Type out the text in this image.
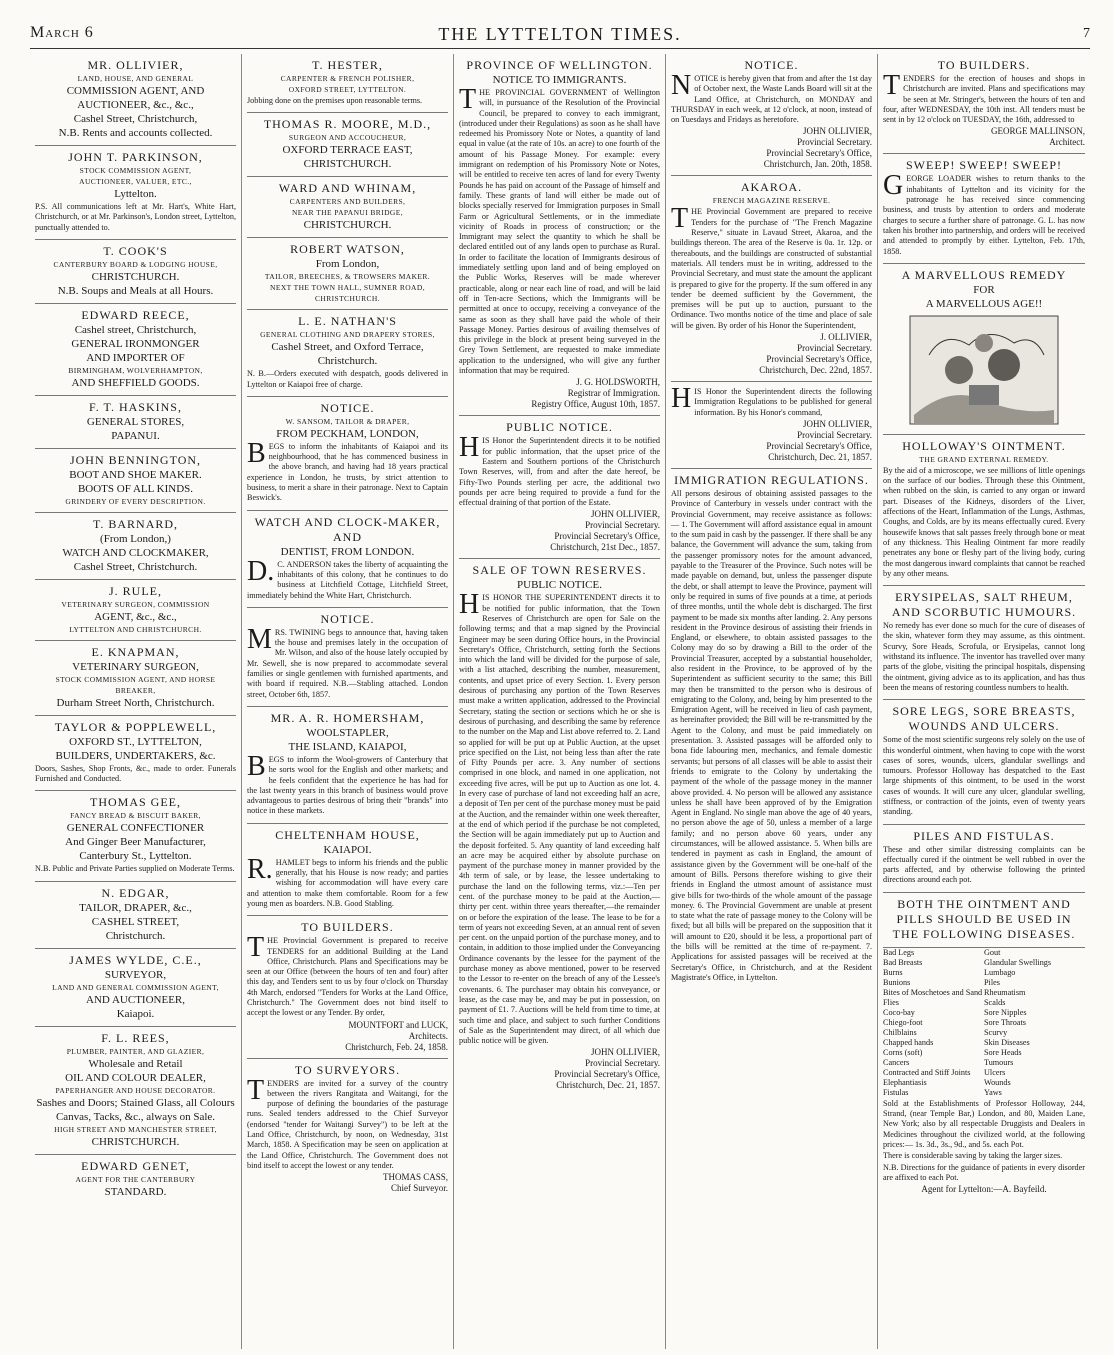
March 6	THE LYTTELTON TIMES.	7
MR. OLLIVIER,
LAND, HOUSE, AND GENERAL
COMMISSION AGENT, AND AUCTIONEER, &c., &c.,
Cashel Street, Christchurch,
N.B. Rents and accounts collected.
JOHN T. PARKINSON,
STOCK COMMISSION AGENT,
AUCTIONEER, VALUER, ETC.,
Lyttelton.
P.S. All communications left at Mr. Hart's, White Hart, Christchurch, or at Mr. Parkinson's, London street, Lyttelton, punctually attended to.
T. COOK'S
CANTERBURY BOARD & LODGING HOUSE,
CHRISTCHURCH.
N.B. Soups and Meals at all Hours.
EDWARD REECE,
Cashel street, Christchurch,
GENERAL IRONMONGER
AND IMPORTER OF
BIRMINGHAM, WOLVERHAMPTON,
AND SHEFFIELD GOODS.
F. T. HASKINS,
GENERAL STORES,
PAPANUI.
JOHN BENNINGTON,
BOOT AND SHOE MAKER.
BOOTS OF ALL KINDS.
GRINDERY OF EVERY DESCRIPTION.
T. BARNARD,
(From London,)
WATCH AND CLOCKMAKER,
Cashel Street, Christchurch.
J. RULE,
VETERINARY SURGEON, COMMISSION
AGENT, &c., &c.,
LYTTELTON AND CHRISTCHURCH.
E. KNAPMAN,
VETERINARY SURGEON,
STOCK COMMISSION AGENT, AND HORSE BREAKER,
Durham Street North, Christchurch.
TAYLOR & POPPLEWELL,
OXFORD ST., LYTTELTON,
BUILDERS, UNDERTAKERS, &c.
Doors, Sashes, Shop Fronts, &c., made to order. Funerals Furnished and Conducted.
THOMAS GEE,
FANCY BREAD & BISCUIT BAKER,
GENERAL CONFECTIONER
And Ginger Beer Manufacturer,
Canterbury St., Lyttelton.
N.B. Public and Private Parties supplied on Moderate Terms.
N. EDGAR,
TAILOR, DRAPER, &c.,
CASHEL STREET,
Christchurch.
JAMES WYLDE, C.E.,
SURVEYOR,
LAND AND GENERAL COMMISSION AGENT,
AND AUCTIONEER,
Kaiapoi.
F. L. REES,
PLUMBER, PAINTER, AND GLAZIER,
Wholesale and Retail
OIL AND COLOUR DEALER,
PAPERHANGER AND HOUSE DECORATOR.
Sashes and Doors; Stained Glass, all Colours
Canvas, Tacks, &c., always on Sale.
HIGH STREET AND MANCHESTER STREET,
CHRISTCHURCH.
EDWARD GENET,
AGENT FOR THE CANTERBURY
STANDARD.
T. HESTER,
CARPENTER & FRENCH POLISHER,
OXFORD STREET, LYTTELTON.
Jobbing done on the premises upon reasonable terms.
THOMAS R. MOORE, M.D.,
SURGEON AND ACCOUCHEUR,
OXFORD TERRACE EAST,
CHRISTCHURCH.
WARD AND WHINAM,
CARPENTERS AND BUILDERS,
NEAR THE PAPANUI BRIDGE,
CHRISTCHURCH.
ROBERT WATSON,
From London,
TAILOR, BREECHES, & TROWSERS MAKER.
NEXT THE TOWN HALL, SUMNER ROAD, CHRISTCHURCH.
L. E. NATHAN'S
GENERAL CLOTHING AND DRAPERY STORES,
Cashel Street, and Oxford Terrace, Christchurch.
N. B.—Orders executed with despatch, goods delivered in Lyttelton or Kaiapoi free of charge.
NOTICE.
W. SANSOM, TAILOR & DRAPER,
FROM PECKHAM, LONDON,
BEGS to inform the inhabitants of Kaiapoi and its neighbourhood, that he has commenced business in the above branch, and having had 18 years practical experience in London, he trusts, by strict attention to business, to merit a share in their patronage. Next to Captain Beswick's.
WATCH AND CLOCK-MAKER, AND
DENTIST, FROM LONDON.
D. C. ANDERSON takes the liberty of acquainting the inhabitants of this colony, that he continues to do business at Litchfield Cottage, Litchfield Street, immediately behind the White Hart, Christchurch.
NOTICE.
MRS. TWINING begs to announce that, having taken the house and premises lately in the occupation of Mr. Wilson, and also of the house lately occupied by Mr. Sewell, she is now prepared to accommodate several families or single gentlemen with furnished apartments, and with board if required. N.B.—Stabling attached. London street, October 6th, 1857.
MR. A. R. HOMERSHAM,
WOOLSTAPLER,
THE ISLAND, KAIAPOI,
BEGS to inform the Wool-growers of Canterbury that he sorts wool for the English and other markets; and he feels confident that the experience he has had for the last twenty years in this branch of business would prove advantageous to parties desirous of bring their "brands" into notice in these markets.
CHELTENHAM HOUSE,
KAIAPOI.
R. HAMLET begs to inform his friends and the public generally, that his House is now ready; and parties wishing for accommodation will have every care and attention to make them comfortable. Room for a few young men as boarders. N.B. Good Stabling.
TO BUILDERS.
THE Provincial Government is prepared to receive TENDERS for an additional Building at the Land Office, Christchurch. Plans and Specifications may be seen at our Office (between the hours of ten and four) after this day, and Tenders sent to us by four o'clock on Thursday 4th March, endorsed "Tenders for Works at the Land Office, Christchurch." The Government does not bind itself to accept the lowest or any Tender. By order,
MOUNTFORT and LUCK,
Architects.
Christchurch, Feb. 24, 1858.
TO SURVEYORS.
TENDERS are invited for a survey of the country between the rivers Rangitata and Waitangi, for the purpose of defining the boundaries of the pasturage runs. Sealed tenders addressed to the Chief Surveyor (endorsed "tender for Waitangi Survey") to be left at the Land Office, Christchurch, by noon, on Wednesday, 31st March, 1858. A Specification may be seen on application at the Land Office, Christchurch. The Government does not bind itself to accept the lowest or any tender.
THOMAS CASS,
Chief Surveyor.
PROVINCE OF WELLINGTON.
NOTICE TO IMMIGRANTS.
THE PROVINCIAL GOVERNMENT of Wellington will, in pursuance of the Resolution of the Provincial Council, be prepared to convey to each immigrant, (introduced under their Regulations) as soon as he shall have redeemed his Promissory Note or Notes, a quantity of land equal in value (at the rate of 10s. an acre) to one fourth of the amount of his Passage Money. For example: every immigrant on redemption of his Promissory Note or Notes, will be entitled to receive ten acres of land for every Twenty Pounds he has paid on account of the Passage of himself and family. These grants of land will either be made out of blocks specially reserved for Immigration purposes in Small Farm or Agricultural Settlements, or in the immediate vicinity of Roads in process of construction; or the Immigrant may select the quantity to which he shall be declared entitled out of any lands open to purchase as Rural. In order to facilitate the location of Immigrants desirous of immediately settling upon land and of being employed on the Public Works, Reserves will be made wherever practicable, along or near each line of road, and will be laid off in Ten-acre Sections, which the Immigrants will be permitted at once to occupy, receiving a conveyance of the same as soon as they shall have paid the whole of their Passage Money. Parties desirous of availing themselves of this privilege in the block at present being surveyed in the Grey Town Settlement, are requested to make immediate application to the undersigned, who will give any further information that may be required.
J. G. HOLDSWORTH,
Registrar of Immigration.
Registry Office, August 10th, 1857.
PUBLIC NOTICE.
HIS Honor the Superintendent directs it to be notified for public information, that the upset price of the Eastern and Southern portions of the Christchurch Town Reserves, will, from and after the date hereof, be Fifty-Two Pounds sterling per acre, the additional two pounds per acre being required to provide a fund for the effectual draining of that portion of the Estate.
JOHN OLLIVIER,
Provincial Secretary.
Provincial Secretary's Office,
Christchurch, 21st Dec., 1857.
SALE OF TOWN RESERVES.
PUBLIC NOTICE.
HIS HONOR THE SUPERINTENDENT directs it to be notified for public information, that the Town Reserves of Christchurch are open for Sale on the following terms; and that a map signed by the Provincial Engineer may be seen during Office hours, in the Provincial Secretary's Office, Christchurch, setting forth the Sections into which the land will be divided for the purpose of sale, with a list attached, describing the number, measurement, contents, and upset price of every Section. 1. Every person desirous of purchasing any portion of the Town Reserves must make a written application, addressed to the Provincial Secretary, stating the section or sections which he or she is desirous of purchasing, and describing the same by reference to the number on the Map and List above referred to. 2. Land so applied for will be put up at Public Auction, at the upset price specified on the List, not being less than after the rate of Fifty Pounds per acre. 3. Any number of sections comprised in one block, and named in one application, not exceeding five acres, will be put up to Auction as one lot. 4. In every case of purchase of land not exceeding half an acre, a deposit of Ten per cent of the purchase money must be paid at the Auction, and the remainder within one week thereafter, at the end of which period if the purchase be not completed, the Section will be again immediately put up to Auction and the deposit forfeited. 5. Any quantity of land exceeding half an acre may be acquired either by absolute purchase on payment of the purchase money in manner provided by the 4th term of sale, or by lease, the lessee undertaking to purchase the land on the following terms, viz.:—Ten per cent. of the purchase money to be paid at the Auction,—thirty per cent. within three years thereafter,—the remainder on or before the expiration of the lease. The lease to be for a term of years not exceeding Seven, at an annual rent of seven per cent. on the unpaid portion of the purchase money, and to contain, in addition to those implied under the Conveyancing Ordinance covenants by the lessee for the payment of the purchase money as above mentioned, power to be reserved to the Lessor to re-enter on the breach of any of the Lessee's covenants. 6. The purchaser may obtain his conveyance, or lease, as the case may be, and may be put in possession, on payment of £1. 7. Auctions will be held from time to time, at such time and place, and subject to such further Conditions of Sale as the Superintendent may direct, of all which due public notice will be given.
JOHN OLLIVIER,
Provincial Secretary.
Provincial Secretary's Office,
Christchurch, Dec. 21, 1857.
NOTICE.
NOTICE is hereby given that from and after the 1st day of October next, the Waste Lands Board will sit at the Land Office, at Christchurch, on MONDAY and THURSDAY in each week, at 12 o'clock, at noon, instead of on Tuesdays and Fridays as heretofore.
JOHN OLLIVIER,
Provincial Secretary.
Provincial Secretary's Office,
Christchurch, Jan. 20th, 1858.
AKAROA.
FRENCH MAGAZINE RESERVE.
THE Provincial Government are prepared to receive Tenders for the purchase of "The French Magazine Reserve," situate in Lavaud Street, Akaroa, and the buildings thereon. The area of the Reserve is 0a. 1r. 12p. or thereabouts, and the buildings are constructed of substantial materials. All tenders must be in writing, addressed to the Provincial Secretary, and must state the amount the applicant is prepared to give for the property. If the sum offered in any tender be deemed sufficient by the Government, the premises will be put up to auction, pursuant to the Ordinance. Two months notice of the time and place of sale will be given. By order of his Honor the Superintendent,
J. OLLIVIER,
Provincial Secretary.
Provincial Secretary's Office,
Christchurch, Dec. 22nd, 1857.
HIS Honor the Superintendent directs the following Immigration Regulations to be published for general information. By his Honor's command,
JOHN OLLIVIER,
Provincial Secretary.
Provincial Secretary's Office,
Christchurch, Dec. 21, 1857.
IMMIGRATION REGULATIONS.
All persons desirous of obtaining assisted passages to the Province of Canterbury in vessels under contract with the Provincial Government, may receive assistance as follows:— 1. The Government will afford assistance equal in amount to the sum paid in cash by the passenger. If there shall be any balance, the Government will advance the sum, taking from the passenger promissory notes for the amount advanced, payable to the Treasurer of the Province. Such notes will be made payable on demand, but, unless the passenger dispute the debt, or shall attempt to leave the Province, payment will only be required in sums of five pounds at a time, at periods of three months, until the whole debt is discharged. The first payment to be made six months after landing. 2. Any persons resident in the Province desirous of assisting their friends in England, or elsewhere, to obtain assisted passages to the Colony may do so by drawing a Bill to the order of the Provincial Treasurer, accepted by a substantial householder, also resident in the Province, to be approved of by the Superintendent as sufficient security to the same; this Bill may then be transmitted to the person who is desirous of emigrating to the Colony, and, being by him presented to the Emigration Agent, will be received in lieu of cash payment, as hereinafter provided; the Bill will be re-transmitted by the Agent to the Colony, and must be paid immediately on presentation. 3. Assisted passages will be afforded only to bona fide labouring men, mechanics, and female domestic servants; but persons of all classes will be able to assist their friends to emigrate to the Colony by undertaking the payment of the whole of the passage money in the manner above provided. 4. No person will be allowed any assistance unless he shall have been approved of by the Emigration Agent in England. No single man above the age of 40 years, no person above the age of 50, unless a member of a large family; and no person above 60 years, under any circumstances, will be allowed assistance. 5. When bills are tendered in payment as cash in England, the amount of assistance given by the Government will be one-half of the amount of Bills. Persons therefore wishing to give their friends in England the utmost amount of assistance must give bills for two-thirds of the whole amount of the passage money. 6. The Provincial Government are unable at present to state what the rate of passage money to the Colony will be fixed; but all bills will be prepared on the supposition that it will amount to £20, should it be less, a proportional part of the bills will be remitted at the time of re-payment. 7. Applications for assisted passages will be received at the Secretary's Office, in Christchurch, and at the Resident Magistrate's Office, in Lyttelton.
TO BUILDERS.
TENDERS for the erection of houses and shops in Christchurch are invited. Plans and specifications may be seen at Mr. Stringer's, between the hours of ten and four, after WEDNESDAY, the 10th inst. All tenders must be sent in by 12 o'clock on TUESDAY, the 16th, addressed to
GEORGE MALLINSON,
Architect.
SWEEP! SWEEP! SWEEP!
GEORGE LOADER wishes to return thanks to the inhabitants of Lyttelton and its vicinity for the patronage he has received since commencing business, and trusts by attention to orders and moderate charges to secure a further share of patronage. G. L. has now taken his brother into partnership, and orders will be received and attended to promptly by either. Lyttelton, Feb. 17th, 1858.
A MARVELLOUS REMEDY
FOR
A MARVELLOUS AGE!!
HOLLOWAY'S OINTMENT.
THE GRAND EXTERNAL REMEDY.
By the aid of a microscope, we see millions of little openings on the surface of our bodies. Through these this Ointment, when rubbed on the skin, is carried to any organ or inward part. Diseases of the Kidneys, disorders of the Liver, affections of the Heart, Inflammation of the Lungs, Asthmas, Coughs, and Colds, are by its means effectually cured. Every housewife knows that salt passes freely through bone or meat of any thickness. This Healing Ointment far more readily penetrates any bone or fleshy part of the living body, curing the most dangerous inward complaints that cannot be reached by any other means.
ERYSIPELAS, SALT RHEUM, AND SCORBUTIC HUMOURS.
No remedy has ever done so much for the cure of diseases of the skin, whatever form they may assume, as this ointment. Scurvy, Sore Heads, Scrofula, or Erysipelas, cannot long withstand its influence. The inventor has travelled over many parts of the globe, visiting the principal hospitals, dispensing the ointment, giving advice as to its application, and has thus been the means of restoring countless numbers to health.
SORE LEGS, SORE BREASTS, WOUNDS AND ULCERS.
Some of the most scientific surgeons rely solely on the use of this wonderful ointment, when having to cope with the worst cases of sores, wounds, ulcers, glandular swellings and tumours. Professor Holloway has despatched to the East large shipments of this ointment, to be used in the worst cases of wounds. It will cure any ulcer, glandular swelling, stiffness, or contraction of the joints, even of twenty years standing.
PILES AND FISTULAS.
These and other similar distressing complaints can be effectually cured if the ointment be well rubbed in over the parts affected, and by otherwise following the printed directions around each pot.
BOTH THE OINTMENT AND PILLS SHOULD BE USED IN THE FOLLOWING DISEASES.
Bad Legs
Bad Breasts
Burns
Bunions
Bites of Moschetoes and Sand Flies
Coco-bay
Chiego-foot
Chilblains
Chapped hands
Corns (soft)
Cancers
Contracted and Stiff Joints
Elephantiasis
Fistulas
Gout
Glandular Swellings
Lumbago
Piles
Rheumatism
Scalds
Sore Nipples
Sore Throats
Scurvy
Skin Diseases
Sore Heads
Tumours
Ulcers
Wounds
Yaws
Sold at the Establishments of Professor Holloway, 244, Strand, (near Temple Bar,) London, and 80, Maiden Lane, New York; also by all respectable Druggists and Dealers in Medicines throughout the civilized world, at the following prices:— 1s. 3d., 3s., 9d., and 5s. each Pot.
There is considerable saving by taking the larger sizes.
N.B. Directions for the guidance of patients in every disorder are affixed to each Pot.
Agent for Lyttelton:—A. Bayfeild.
